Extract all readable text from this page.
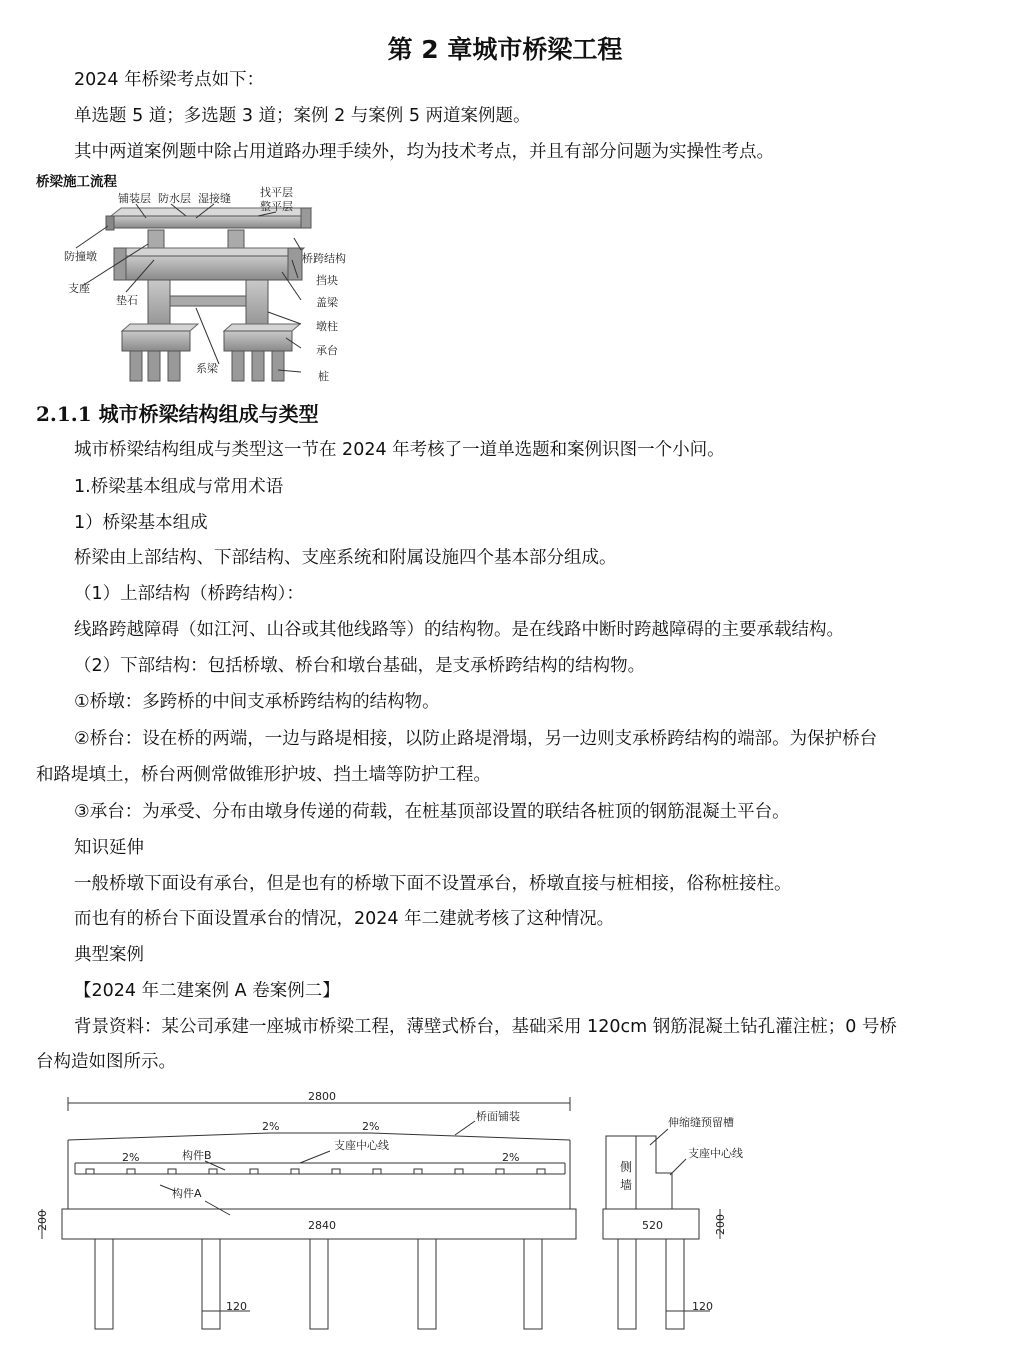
第 2 章城市桥梁工程
2024 年桥梁考点如下：
单选题 5 道；多选题 3 道；案例 2 与案例 5 两道案例题。
其中两道案例题中除占用道路办理手续外，均为技术考点，并且有部分问题为实操性考点。
桥梁施工流程
铺装层 防水层 湿接缝	找平层
整平层
防撞墩	桥跨结构
支座
挡块
垫石	盖梁
墩柱
系梁
承台
桩
2.1.1 城市桥梁结构组成与类型
城市桥梁结构组成与类型这一节在 2024 年考核了一道单选题和案例识图一个小问。
1.桥梁基本组成与常用术语
1）桥梁基本组成
桥梁由上部结构、下部结构、支座系统和附属设施四个基本部分组成。
（1）上部结构（桥跨结构）：
线路跨越障碍（如江河、山谷或其他线路等）的结构物。是在线路中断时跨越障碍的主要承载结构。
（2）下部结构：包括桥墩、桥台和墩台基础，是支承桥跨结构的结构物。
①桥墩：多跨桥的中间支承桥跨结构的结构物。
②桥台：设在桥的两端，一边与路堤相接，以防止路堤滑塌，另一边则支承桥跨结构的端部。为保护桥台
和路堤填土，桥台两侧常做锥形护坡、挡土墙等防护工程。
③承台：为承受、分布由墩身传递的荷载，在桩基顶部设置的联结各桩顶的钢筋混凝土平台。
知识延伸
一般桥墩下面设有承台，但是也有的桥墩下面不设置承台，桥墩直接与桩相接，俗称桩接柱。
而也有的桥台下面设置承台的情况，2024 年二建就考核了这种情况。
典型案例
【2024 年二建案例 A 卷案例二】
背景资料：某公司承建一座城市桥梁工程，薄壁式桥台，基础采用 120cm 钢筋混凝土钻孔灌注桩；0 号桥
台构造如图所示。
2800
桥面铺装
2%	2%
2%	2%
构件B
支座中心线
构件A
2840
200
120
伸缩缝预留槽
支座中心线
侧
墙
520	200
120
